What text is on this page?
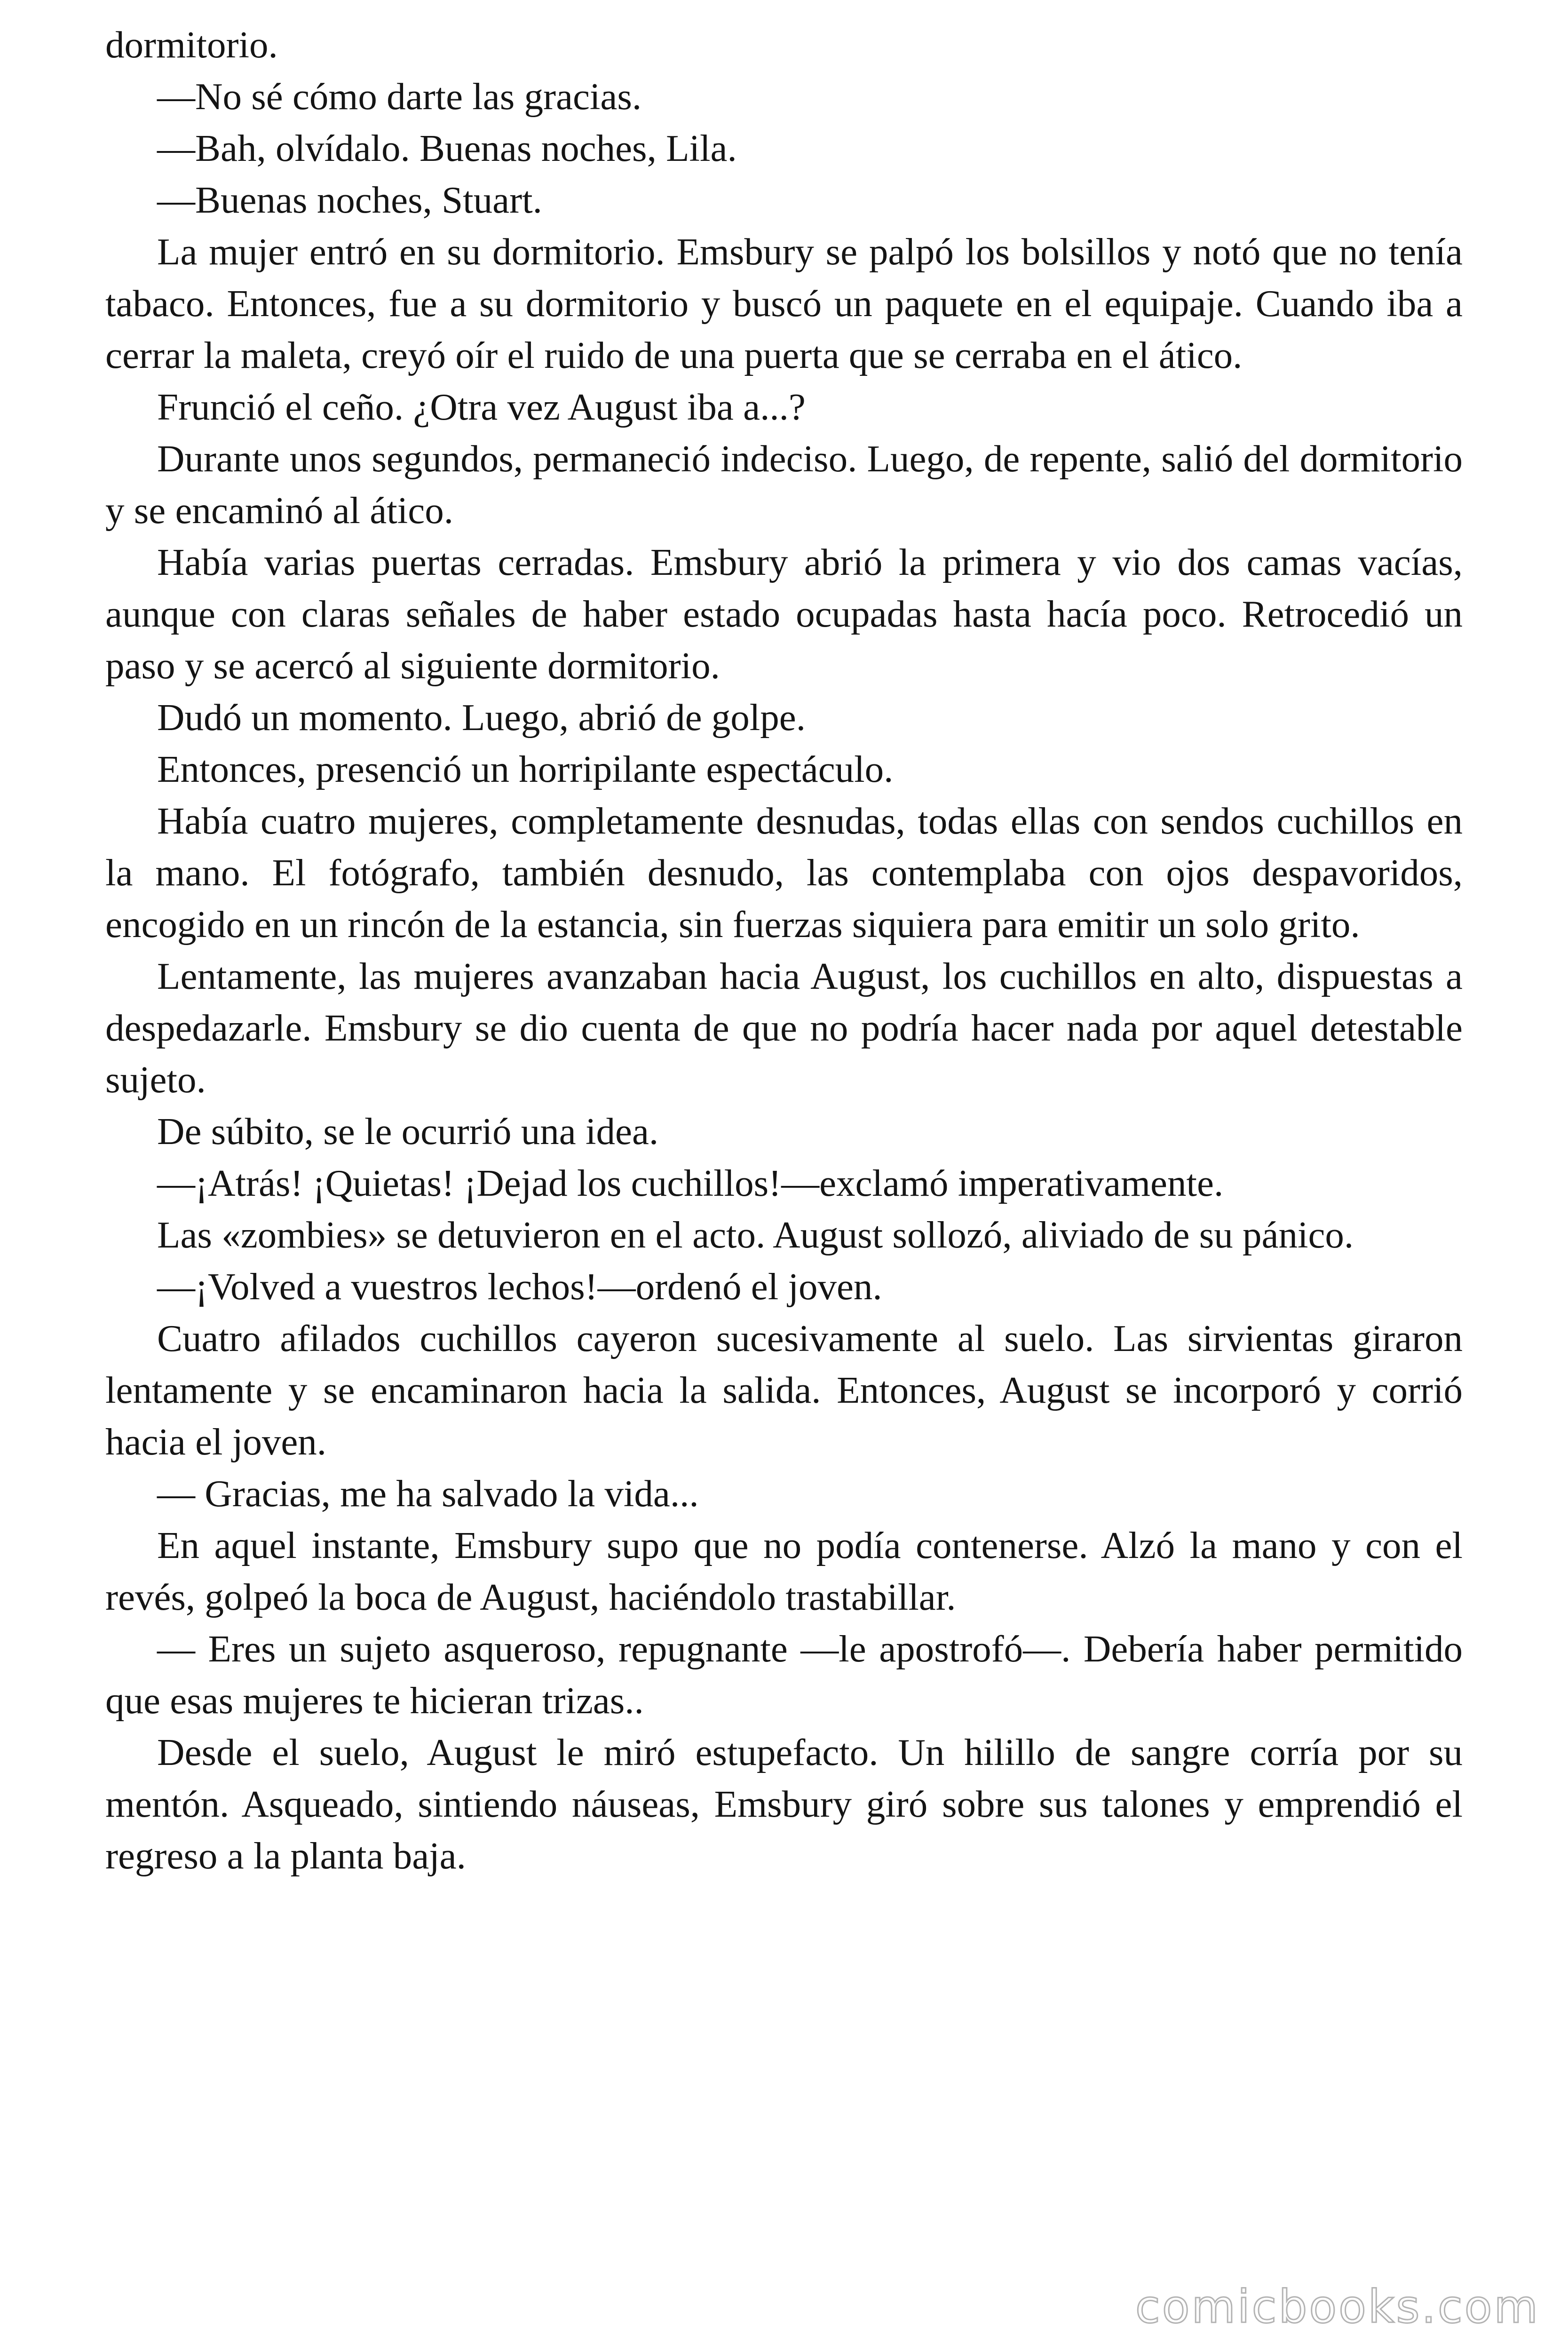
dormitorio.

—No sé cómo darte las gracias.

—Bah, olvídalo. Buenas noches, Lila.

—Buenas noches, Stuart.

La mujer entró en su dormitorio. Emsbury se palpó los bolsillos y notó que no tenía tabaco. Entonces, fue a su dormitorio y buscó un paquete en el equipaje. Cuando iba a cerrar la maleta, creyó oír el ruido de una puerta que se cerraba en el ático.

Frunció el ceño. ¿Otra vez August iba a...?

Durante unos segundos, permaneció indeciso. Luego, de repente, salió del dormitorio y se encaminó al ático.

Había varias puertas cerradas. Emsbury abrió la primera y vio dos camas vacías, aunque con claras señales de haber estado ocupadas hasta hacía poco. Retrocedió un paso y se acercó al siguiente dormitorio.

Dudó un momento. Luego, abrió de golpe.

Entonces, presenció un horripilante espectáculo.

Había cuatro mujeres, completamente desnudas, todas ellas con sendos cuchillos en la mano. El fotógrafo, también desnudo, las contemplaba con ojos despavoridos, encogido en un rincón de la estancia, sin fuerzas siquiera para emitir un solo grito.

Lentamente, las mujeres avanzaban hacia August, los cuchillos en alto, dispuestas a despedazarle. Emsbury se dio cuenta de que no podría hacer nada por aquel detestable sujeto.

De súbito, se le ocurrió una idea.

—¡Atrás! ¡Quietas! ¡Dejad los cuchillos!—exclamó imperativamente.

Las «zombies» se detuvieron en el acto. August sollozó, aliviado de su pánico.

—¡Volved a vuestros lechos!—ordenó el joven.

Cuatro afilados cuchillos cayeron sucesivamente al suelo. Las sirvientas giraron lentamente y se encaminaron hacia la salida. Entonces, August se incorporó y corrió hacia el joven.

— Gracias, me ha salvado la vida...

En aquel instante, Emsbury supo que no podía contenerse. Alzó la mano y con el revés, golpeó la boca de August, haciéndolo trastabillar.

— Eres un sujeto asqueroso, repugnante —le apostrofó—. Debería haber permitido que esas mujeres te hicieran trizas..

Desde el suelo, August le miró estupefacto. Un hilillo de sangre corría por su mentón. Asqueado, sintiendo náuseas, Emsbury giró sobre sus talones y emprendió el regreso a la planta baja.

comicbooks.com
